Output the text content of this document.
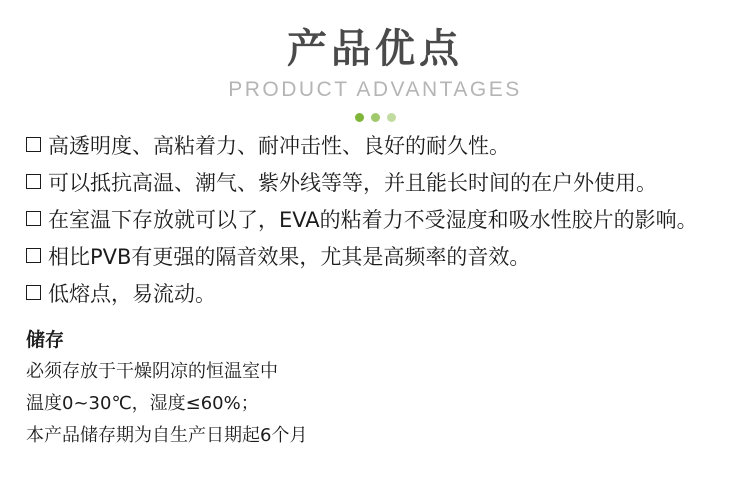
产品优点
PRODUCT ADVANTAGES
高透明度、高粘着力、耐冲击性、良好的耐久性。
可以抵抗高温、潮气、紫外线等等，并且能长时间的在户外使用。
在室温下存放就可以了，EVA的粘着力不受湿度和吸水性胶片的影响。
相比PVB有更强的隔音效果，尤其是高频率的音效。
低熔点，易流动。
储存
必须存放于干燥阴凉的恒温室中
温度0~30℃，湿度≤60%；
本产品储存期为自生产日期起6个月
